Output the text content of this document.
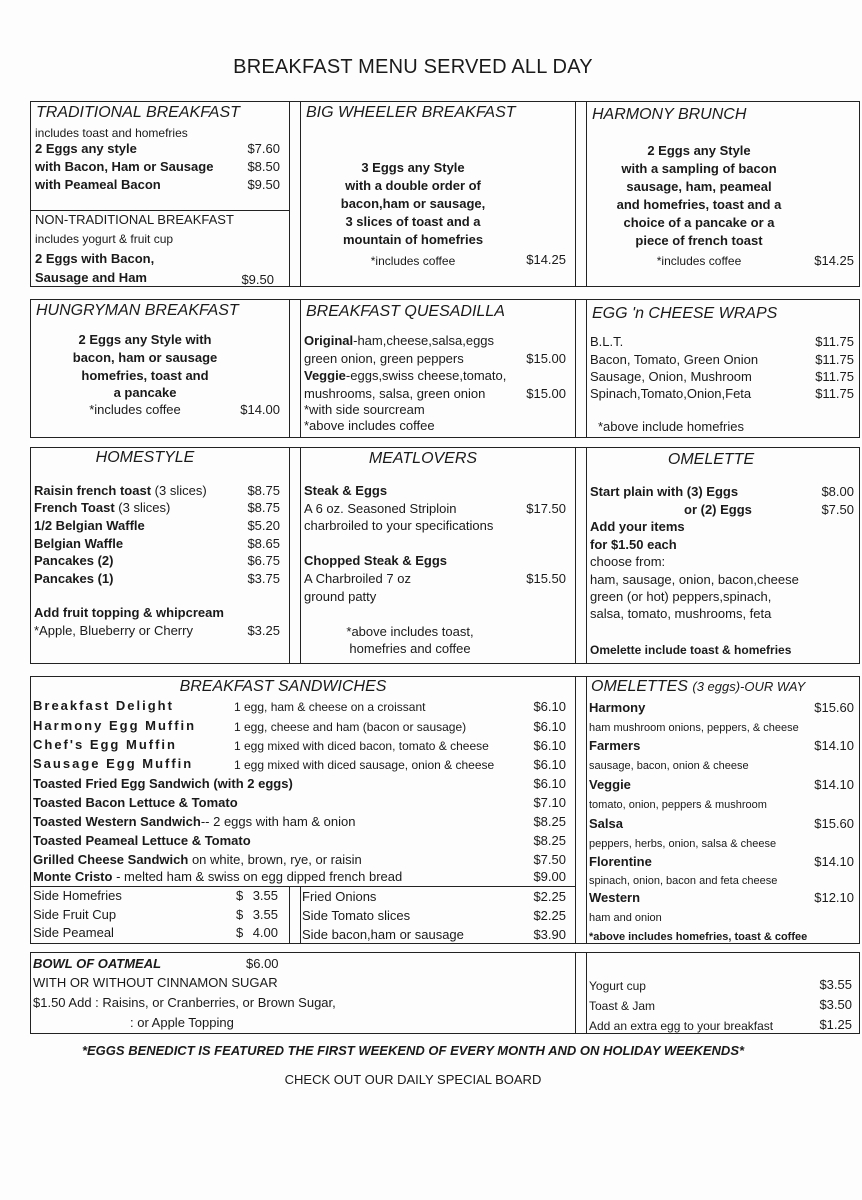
BREAKFAST MENU SERVED ALL DAY
TRADITIONAL BREAKFAST
includes toast and homefries
2 Eggs any style	$7.60
with Bacon, Ham or Sausage	$8.50
with Peameal Bacon	$9.50
NON-TRADITIONAL BREAKFAST
includes yogurt & fruit cup
2 Eggs with Bacon,
Sausage and Ham	$9.50
BIG WHEELER BREAKFAST
3 Eggs any Style
with a double order of
bacon,ham or sausage,
3 slices of toast and a
mountain of homefries
*includes coffee	$14.25
HARMONY BRUNCH
2 Eggs any Style
with a sampling of bacon
sausage, ham, peameal
and homefries, toast and a
choice of a pancake or a
piece of french toast
*includes coffee	$14.25
HUNGRYMAN BREAKFAST
2 Eggs any Style with
bacon, ham or sausage
homefries, toast and
a pancake
*includes coffee	$14.00
BREAKFAST QUESADILLA
Original-ham,cheese,salsa,eggs
green onion, green peppers	$15.00
Veggie-eggs,swiss cheese,tomato,
mushrooms, salsa, green onion	$15.00
*with side sourcream
*above includes coffee
EGG 'n CHEESE WRAPS
B.L.T.	$11.75
Bacon, Tomato, Green Onion	$11.75
Sausage, Onion, Mushroom	$11.75
Spinach,Tomato,Onion,Feta	$11.75
*above include homefries
HOMESTYLE
Raisin french toast (3 slices)	$8.75
French Toast (3 slices)	$8.75
1/2 Belgian Waffle	$5.20
Belgian Waffle	$8.65
Pancakes (2)	$6.75
Pancakes (1)	$3.75
Add fruit topping & whipcream
*Apple, Blueberry or Cherry	$3.25
MEATLOVERS
Steak & Eggs
A 6 oz. Seasoned Striploin	$17.50
charbroiled to your specifications
Chopped Steak & Eggs
A Charbroiled 7 oz	$15.50
ground patty
*above includes toast,
homefries and coffee
OMELETTE
Start plain with (3) Eggs	$8.00
or (2) Eggs	$7.50
Add your items
for $1.50 each
choose from:
ham, sausage, onion, bacon,cheese
green (or hot) peppers,spinach,
salsa, tomato, mushrooms, feta
Omelette include toast & homefries
BREAKFAST SANDWICHES
Breakfast Delight	1 egg, ham & cheese on a croissant	$6.10
Harmony Egg Muffin	1 egg, cheese and ham (bacon or sausage)	$6.10
Chef's Egg Muffin	1 egg mixed with diced bacon, tomato & cheese	$6.10
Sausage Egg Muffin	1 egg mixed with diced sausage, onion & cheese	$6.10
Toasted Fried Egg Sandwich (with 2 eggs)	$6.10
Toasted Bacon Lettuce & Tomato	$7.10
Toasted Western Sandwich-- 2 eggs with ham & onion	$8.25
Toasted Peameal Lettuce & Tomato	$8.25
Grilled Cheese Sandwich on white, brown, rye, or raisin	$7.50
Monte Cristo - melted ham & swiss on egg dipped french bread	$9.00
Side Homefries	$ 3.55
Side Fruit Cup	$ 3.55
Side Peameal	$ 4.00
Fried Onions	$2.25
Side Tomato slices	$2.25
Side bacon,ham or sausage	$3.90
OMELETTES (3 eggs)-OUR WAY
Harmony	$15.60
ham mushroom onions, peppers, & cheese
Farmers	$14.10
sausage, bacon, onion & cheese
Veggie	$14.10
tomato, onion, peppers & mushroom
Salsa	$15.60
peppers, herbs, onion, salsa & cheese
Florentine	$14.10
spinach, onion, bacon and feta cheese
Western	$12.10
ham and onion
*above includes homefries, toast & coffee
BOWL OF OATMEAL	$6.00
WITH OR WITHOUT CINNAMON SUGAR
$1.50 Add : Raisins, or Cranberries, or Brown Sugar,
: or Apple Topping
Yogurt cup	$3.55
Toast & Jam	$3.50
Add an extra egg to your breakfast	$1.25
*EGGS BENEDICT IS FEATURED THE FIRST WEEKEND OF EVERY MONTH AND ON HOLIDAY WEEKENDS*
CHECK OUT OUR DAILY SPECIAL BOARD
